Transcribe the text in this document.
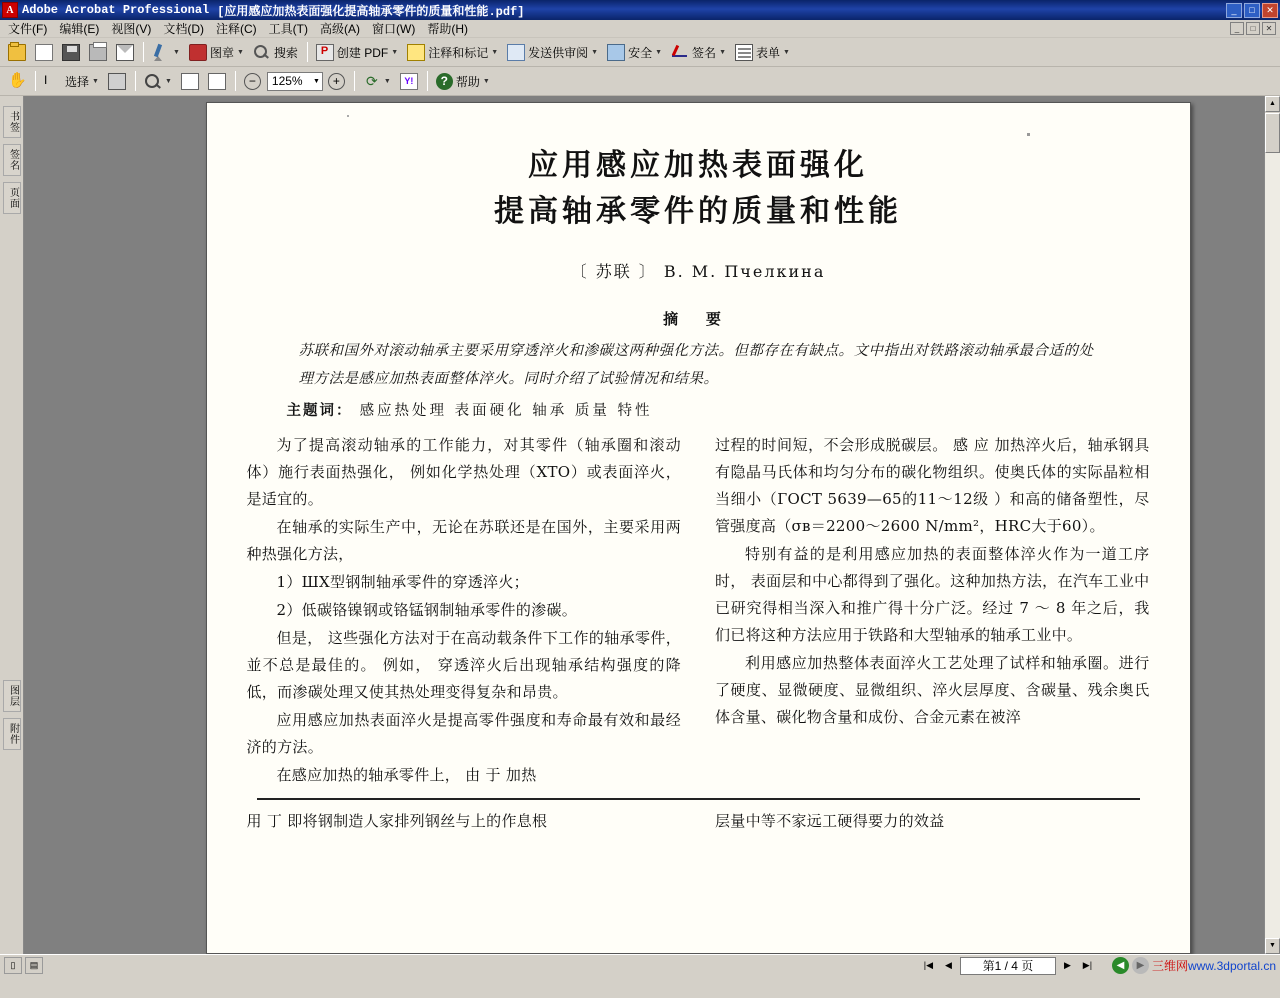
A Adobe Acrobat Professional [应用感应加热表面强化提高轴承零件的质量和性能.pdf]	_	□	✕
文件(F)	编辑(E)	视图(V)	文档(D)	注释(C)	工具(T)	高级(A)	窗口(W)	帮助(H)	_	□	✕
▼	图章 ▼	搜索 P	创建 PDF ▼	注释和标记 ▼	发送供审阅 ▼	安全 ▼	签名 ▼	表单 ▼
✋ I	选择 ▼	▼	−	125% ▼	+	⟳ ▼	Y!	? 帮助 ▼
书签
签名
页面
图层
附件
应用感应加热表面强化
提高轴承零件的质量和性能
〔 苏联 〕 В. М. Пчелкина
摘 要
苏联和国外对滚动轴承主要采用穿透淬火和渗碳这两种强化方法。但都存在有缺点。文中指出对铁路滚动轴承最合适的处理方法是感应加热表面整体淬火。同时介绍了试验情况和结果。
主题词： 感应热处理 表面硬化 轴承 质量 特性

为了提高滚动轴承的工作能力，对其零件（轴承圈和滚动体）施行表面热强化， 例如化学热处理（ХТО）或表面淬火， 是适宜的。

在轴承的实际生产中，无论在苏联还是在国外，主要采用两种热强化方法，

1）ШХ型钢制轴承零件的穿透淬火；

2）低碳铬镍钢或铬锰钢制轴承零件的渗碳。

但是， 这些强化方法对于在高动载条件下工作的轴承零件，並不总是最佳的。 例如， 穿透淬火后出现轴承结构强度的降低，而渗碳处理又使其热处理变得复杂和昂贵。

应用感应加热表面淬火是提高零件强度和寿命最有效和最经济的方法。

在感应加热的轴承零件上， 由 于 加热

过程的时间短，不会形成脱碳层。 感 应 加热淬火后，轴承钢具有隐晶马氏体和均匀分布的碳化物组织。使奥氏体的实际晶粒相当细小（ГОСТ 5639—65的11～12级 ）和高的储备塑性，尽管强度高（σв＝2200～2600 N/mm²，HRC大于60）。

特别有益的是利用感应加热的表面整体淬火作为一道工序时， 表面层和中心都得到了强化。这种加热方法，在汽车工业中已研究得相当深入和推广得十分广泛。经过 7 ～ 8 年之后，我们已将这种方法应用于铁路和大型轴承的轴承工业中。

利用感应加热整体表面淬火工艺处理了试样和轴承圈。进行了硬度、显微硬度、显微组织、淬火层厚度、含碳量、残余奥氏体含量、碳化物含量和成份、合金元素在被淬

用 丁 即将钢制造人家排列钢丝与上的作息根	层量中等不家远工硬得要力的效益
▲
▼
▯	▤	|◀	◀	第1 / 4 页	▶	▶|	◀	▶ 三维网www.3dportal.cn
